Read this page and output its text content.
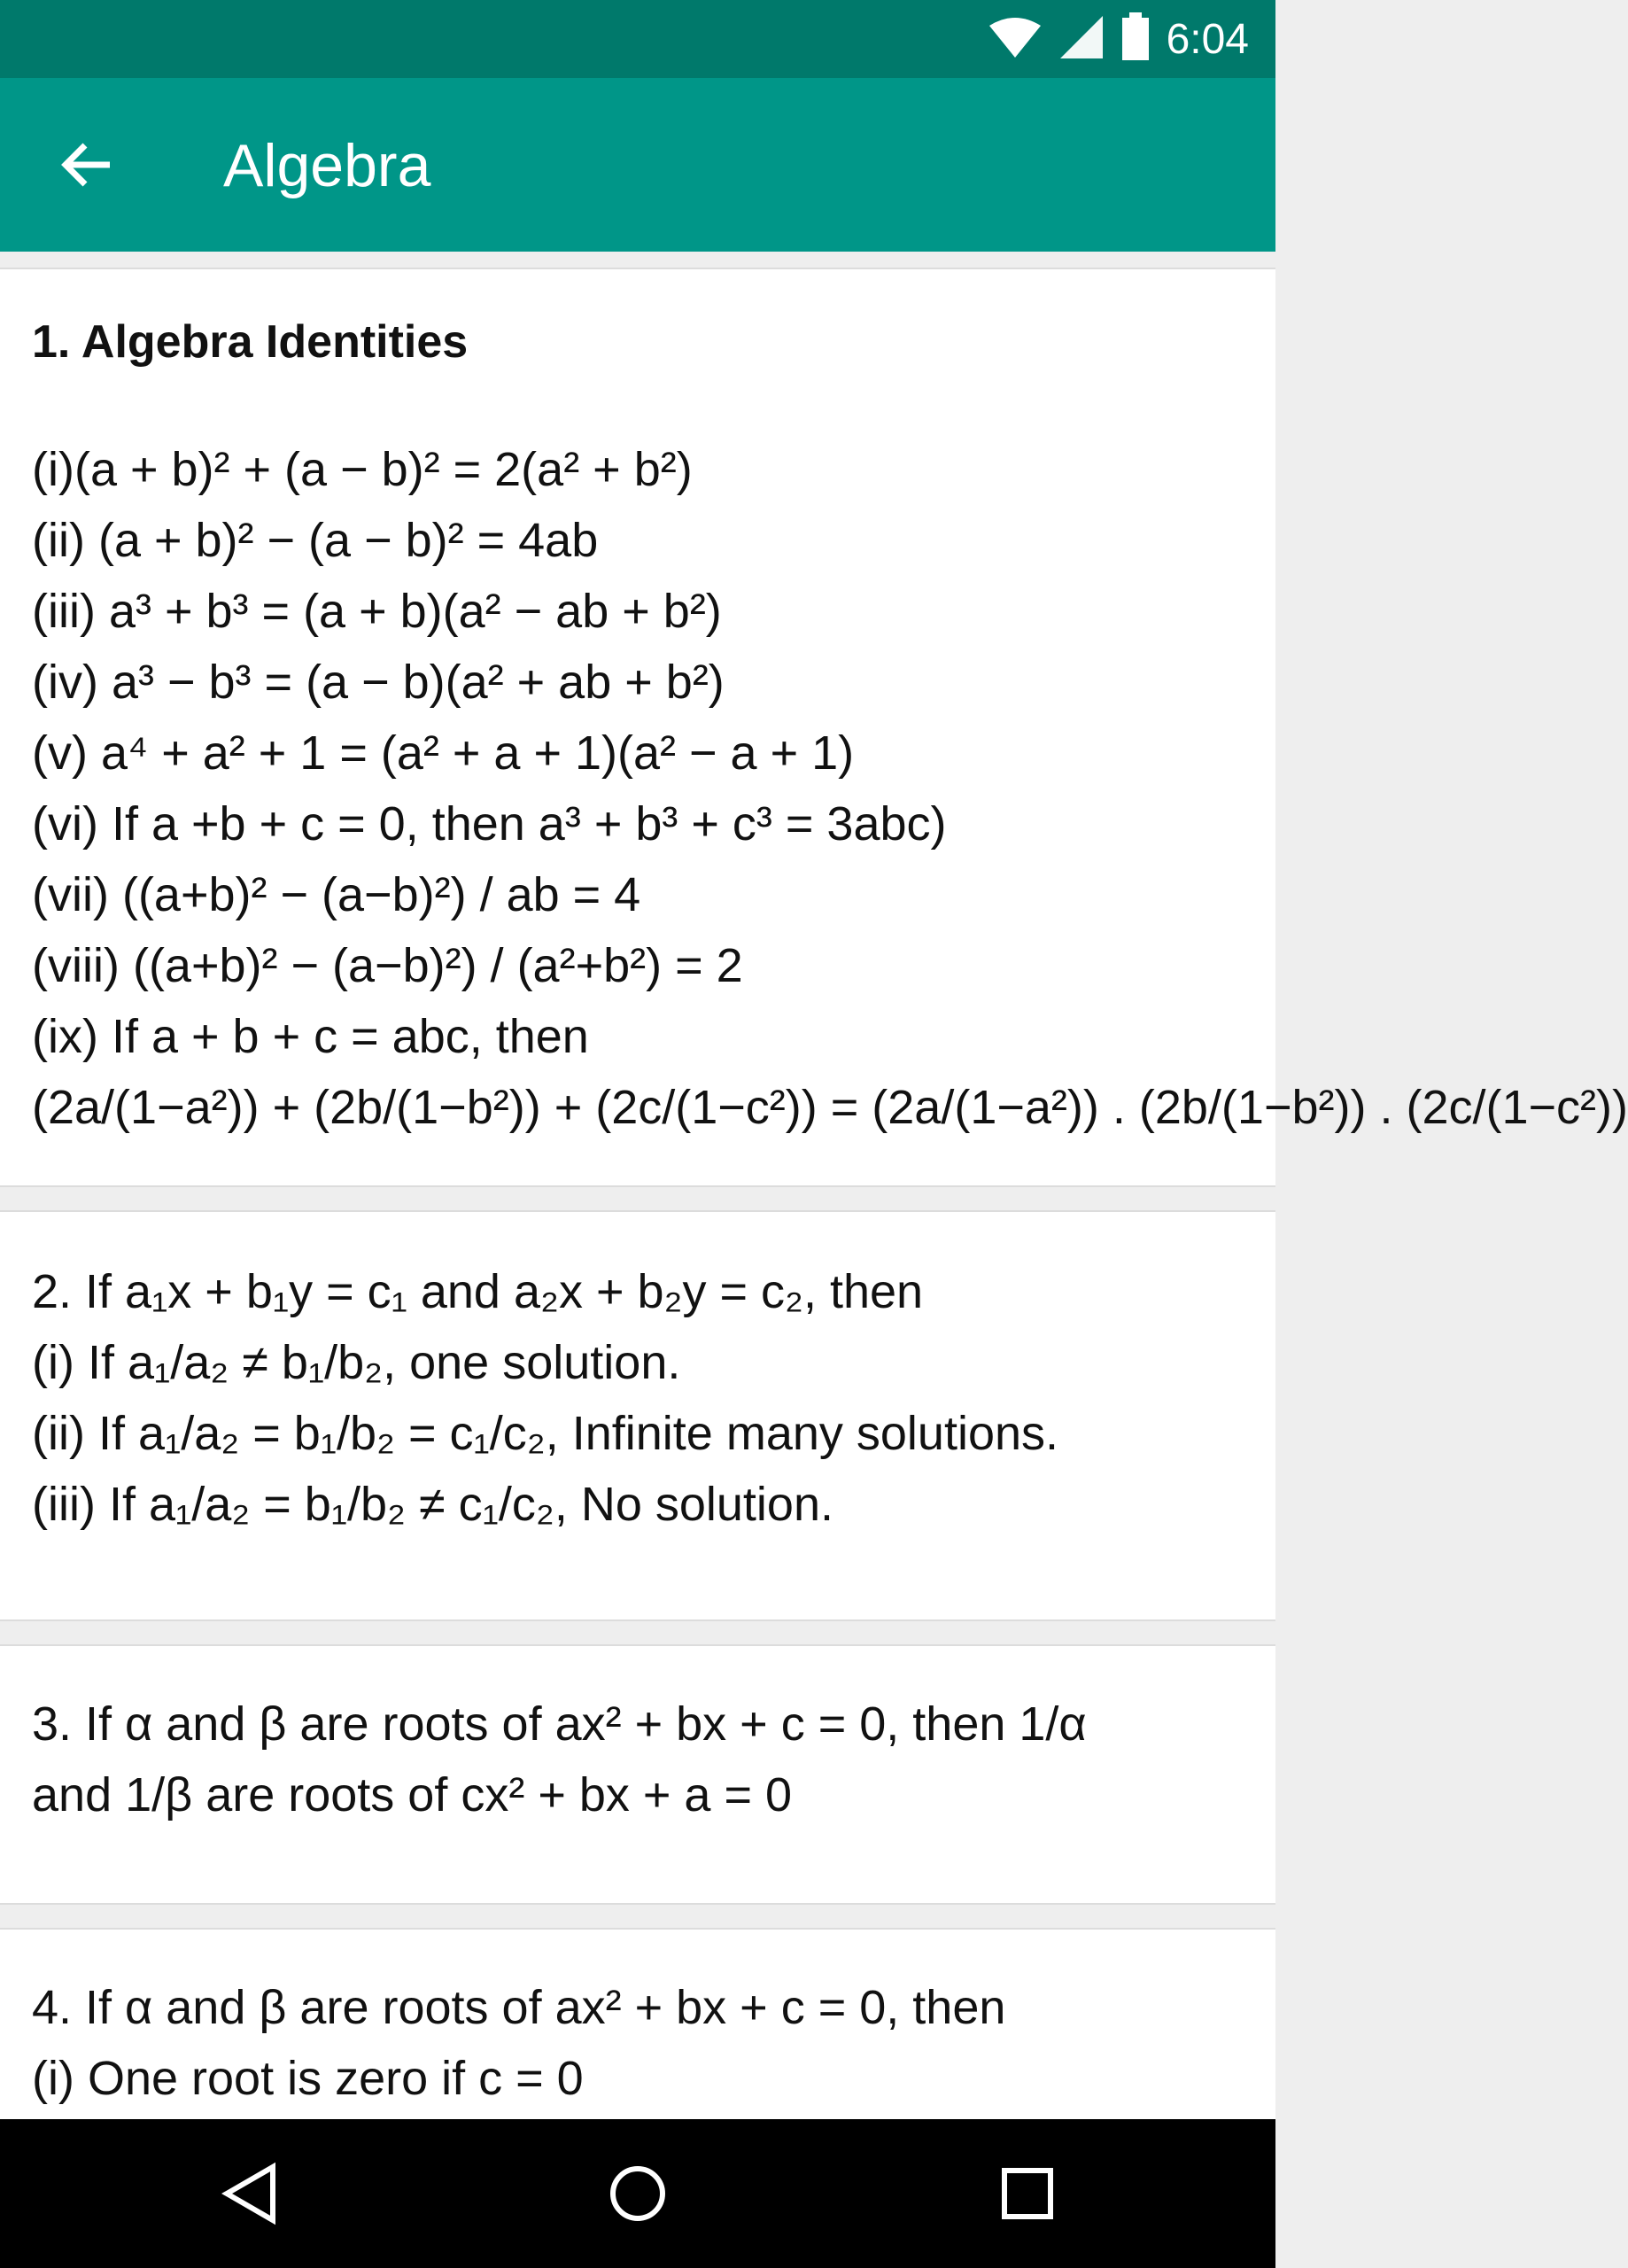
6:04
Algebra
1. Algebra Identities
(i)(a + b)² + (a − b)² = 2(a² + b²)
(ii) (a + b)² − (a − b)² = 4ab
(iii) a³ + b³ = (a + b)(a² − ab + b²)
(iv) a³ − b³ = (a − b)(a² + ab + b²)
(v) a⁴ + a² + 1 = (a² + a + 1)(a² − a + 1)
(vi) If a +b + c = 0, then a³ + b³ + c³ = 3abc)
(vii) ((a+b)² − (a−b)²) / ab = 4
(viii) ((a+b)² − (a−b)²) / (a²+b²) = 2
(ix) If a + b + c = abc, then
(2a/(1−a²)) + (2b/(1−b²)) + (2c/(1−c²)) = (2a/(1−a²)) . (2b/(1−b²)) . (2c/(1−c²))
2. If a₁x + b₁y = c₁ and a₂x + b₂y = c₂, then
(i) If a₁/a₂ ≠ b₁/b₂, one solution.
(ii) If a₁/a₂ = b₁/b₂ = c₁/c₂, Infinite many solutions.
(iii) If a₁/a₂ = b₁/b₂ ≠ c₁/c₂, No solution.
3. If α and β are roots of ax² + bx + c = 0, then 1/α
and 1/β are roots of cx² + bx + a = 0
4. If α and β are roots of ax² + bx + c = 0, then
(i) One root is zero if c = 0
